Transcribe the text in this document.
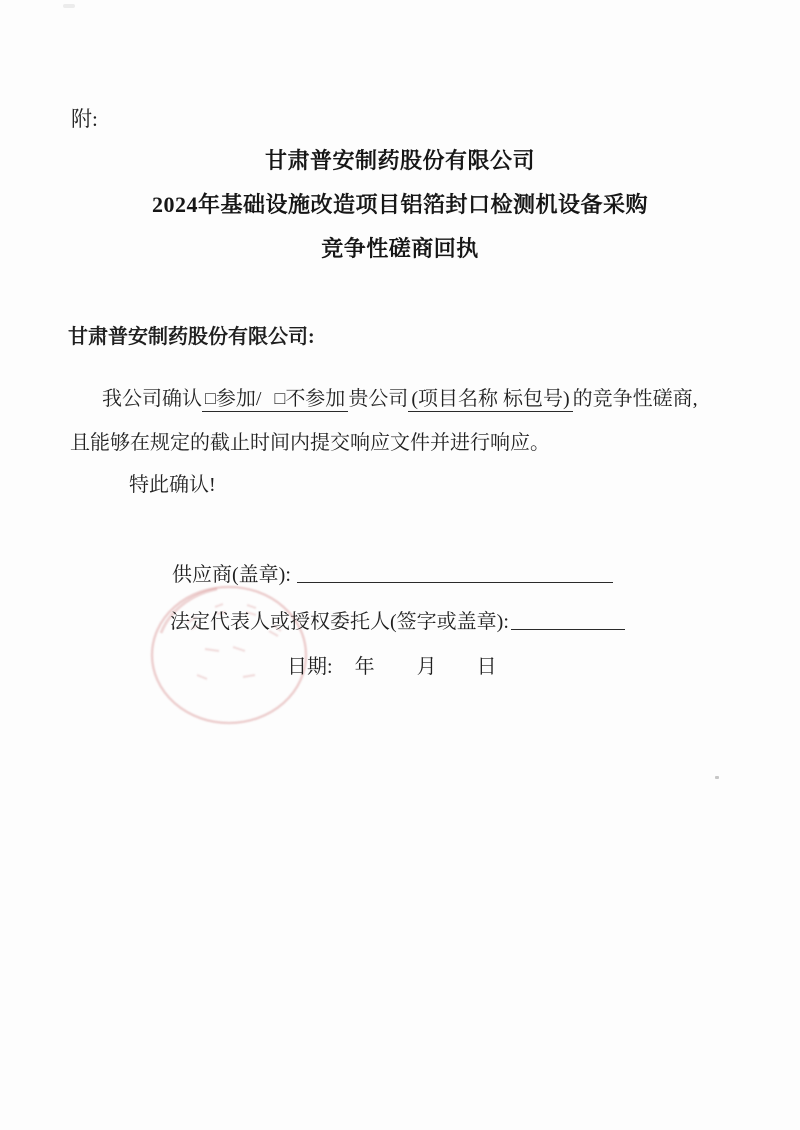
附:
甘肃普安制药股份有限公司
2024年基础设施改造项目铝箔封口检测机设备采购
竞争性磋商回执
甘肃普安制药股份有限公司:
我公司确认 □参加/ □不参加 贵公司 (项目名称 标包号) 的竞争性磋商,
且能够在规定的截止时间内提交响应文件并进行响应。
特此确认!
供应商(盖章):
法定代表人或授权委托人(签字或盖章):
日期: 年 月 日
